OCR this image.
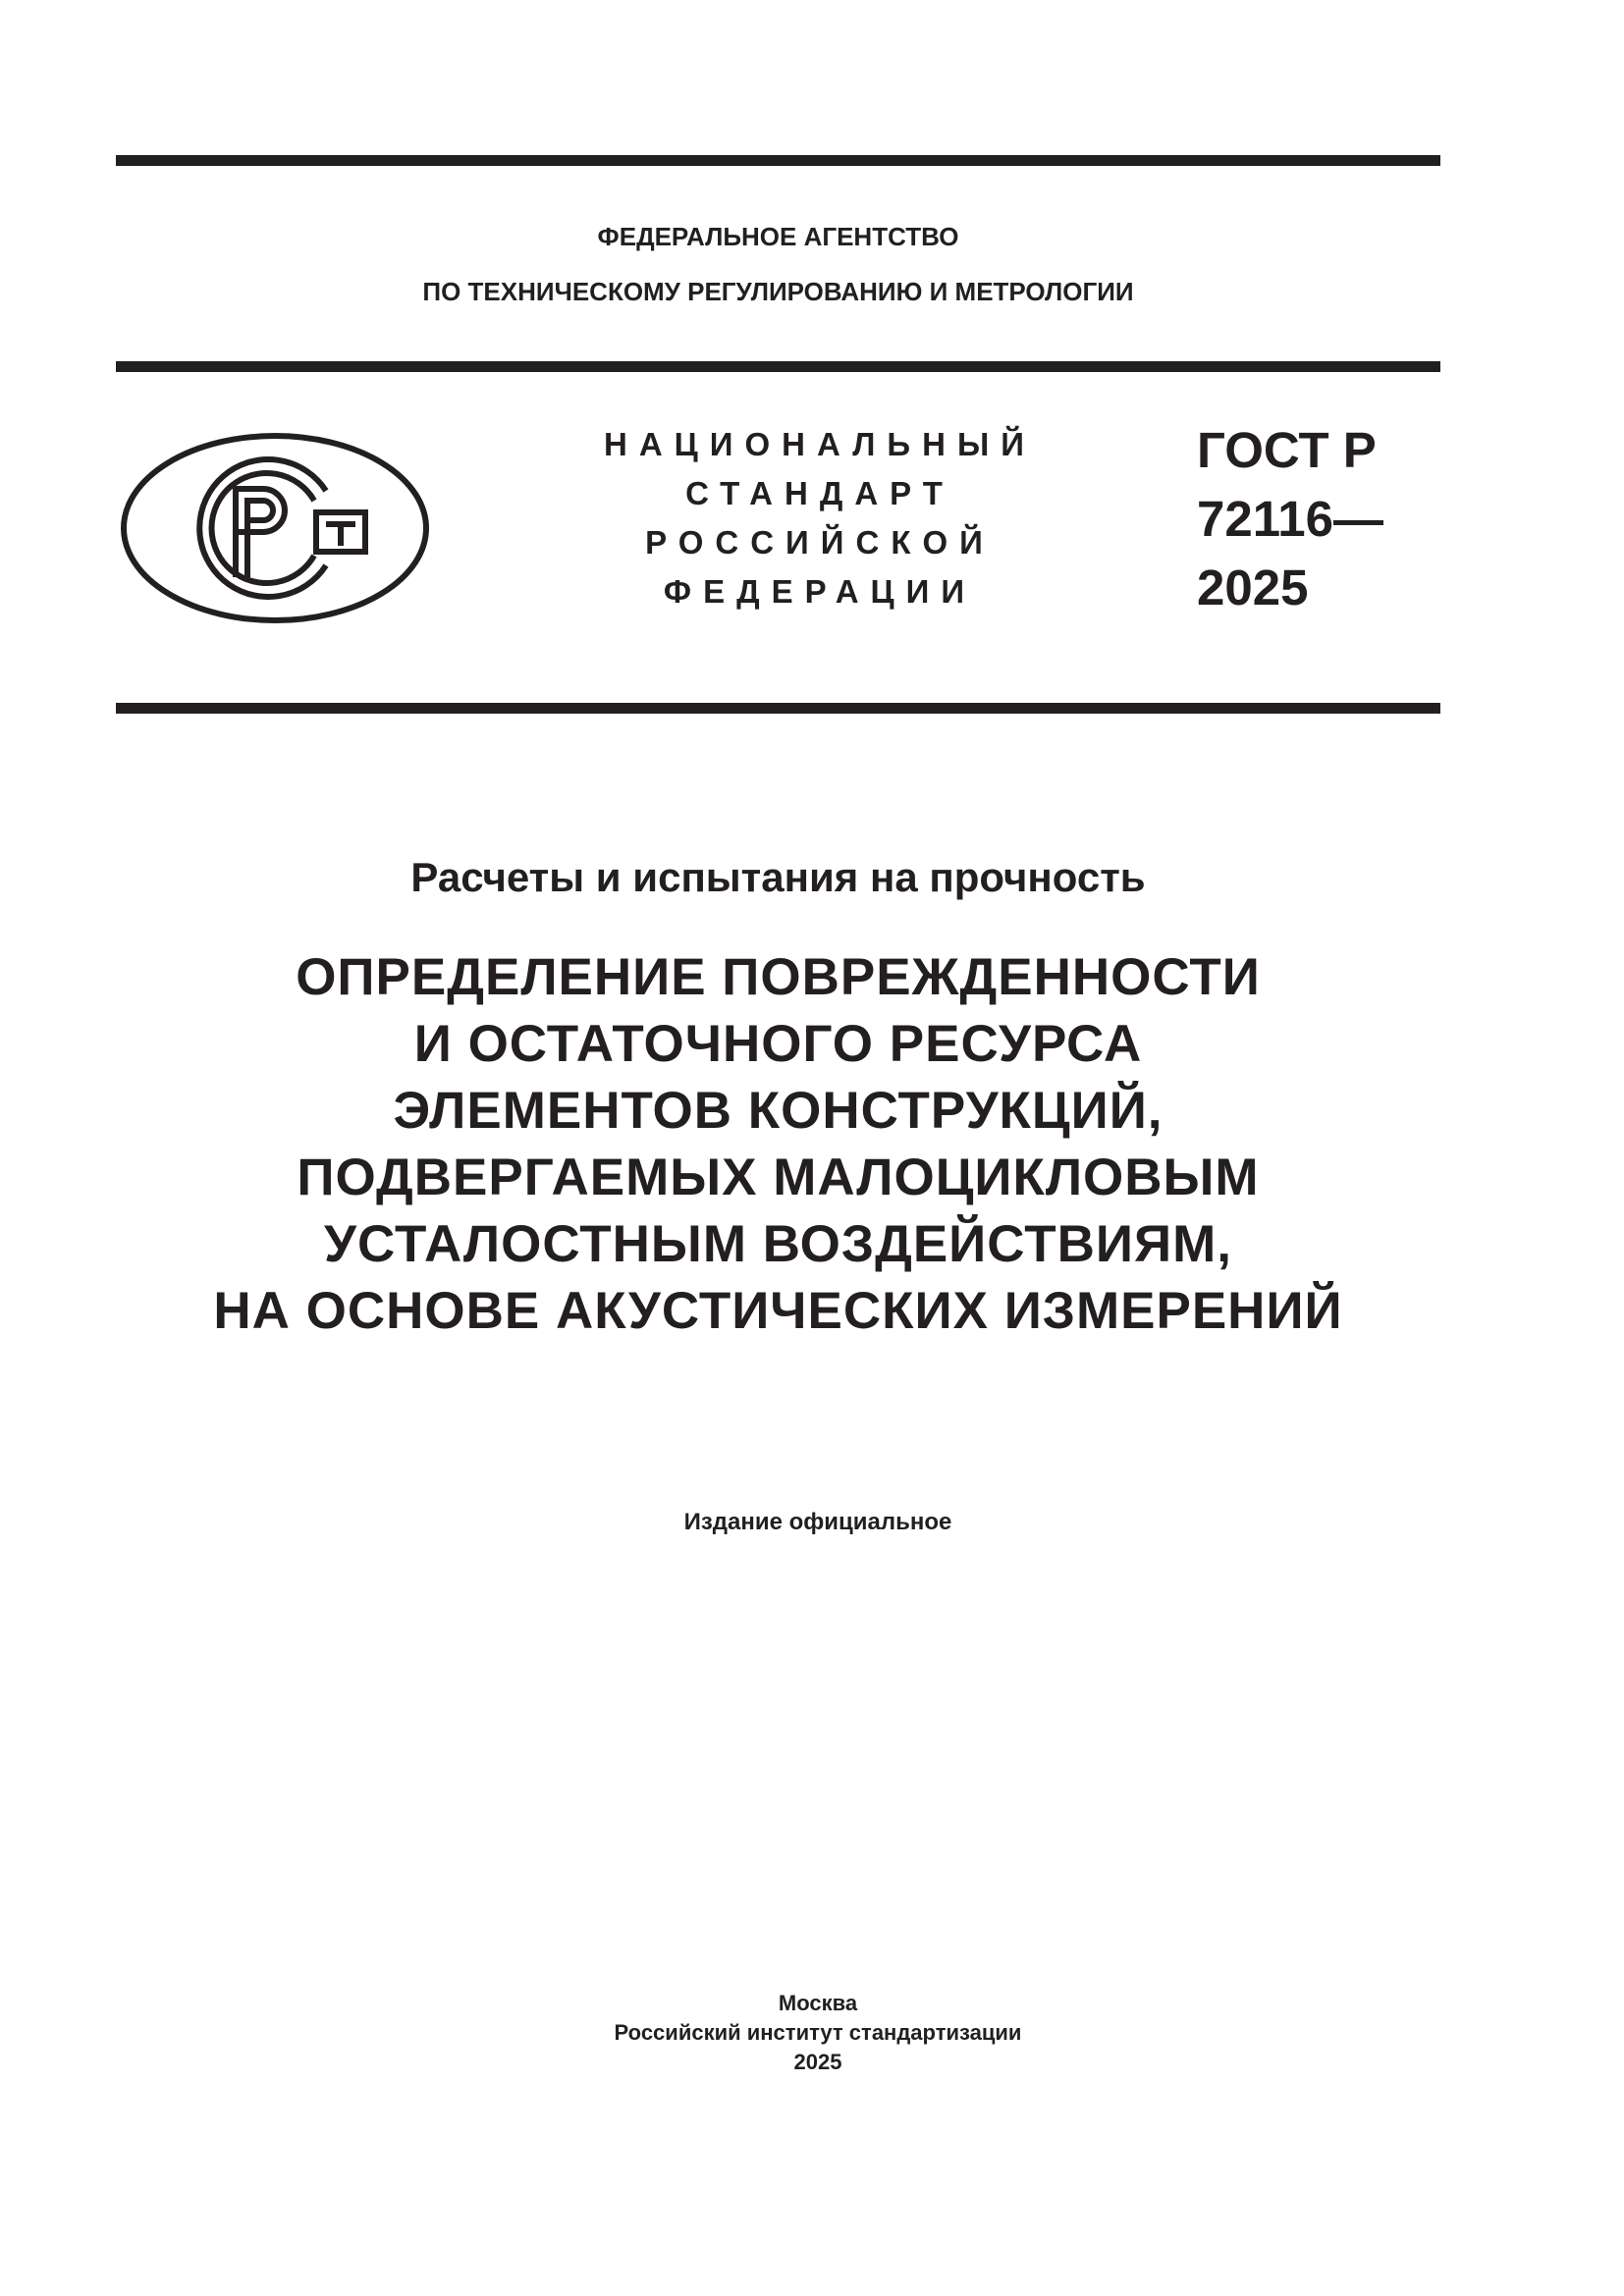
ФЕДЕРАЛЬНОЕ АГЕНТСТВО
ПО ТЕХНИЧЕСКОМУ РЕГУЛИРОВАНИЮ И МЕТРОЛОГИИ
НАЦИОНАЛЬНЫЙ
СТАНДАРТ
РОССИЙСКОЙ
ФЕДЕРАЦИИ
ГОСТ Р
72116—
2025
Расчеты и испытания на прочность
ОПРЕДЕЛЕНИЕ ПОВРЕЖДЕННОСТИ
И ОСТАТОЧНОГО РЕСУРСА
ЭЛЕМЕНТОВ КОНСТРУКЦИЙ,
ПОДВЕРГАЕМЫХ МАЛОЦИКЛОВЫМ
УСТАЛОСТНЫМ ВОЗДЕЙСТВИЯМ,
НА ОСНОВЕ АКУСТИЧЕСКИХ ИЗМЕРЕНИЙ
Издание официальное
Москва
Российский институт стандартизации
2025
